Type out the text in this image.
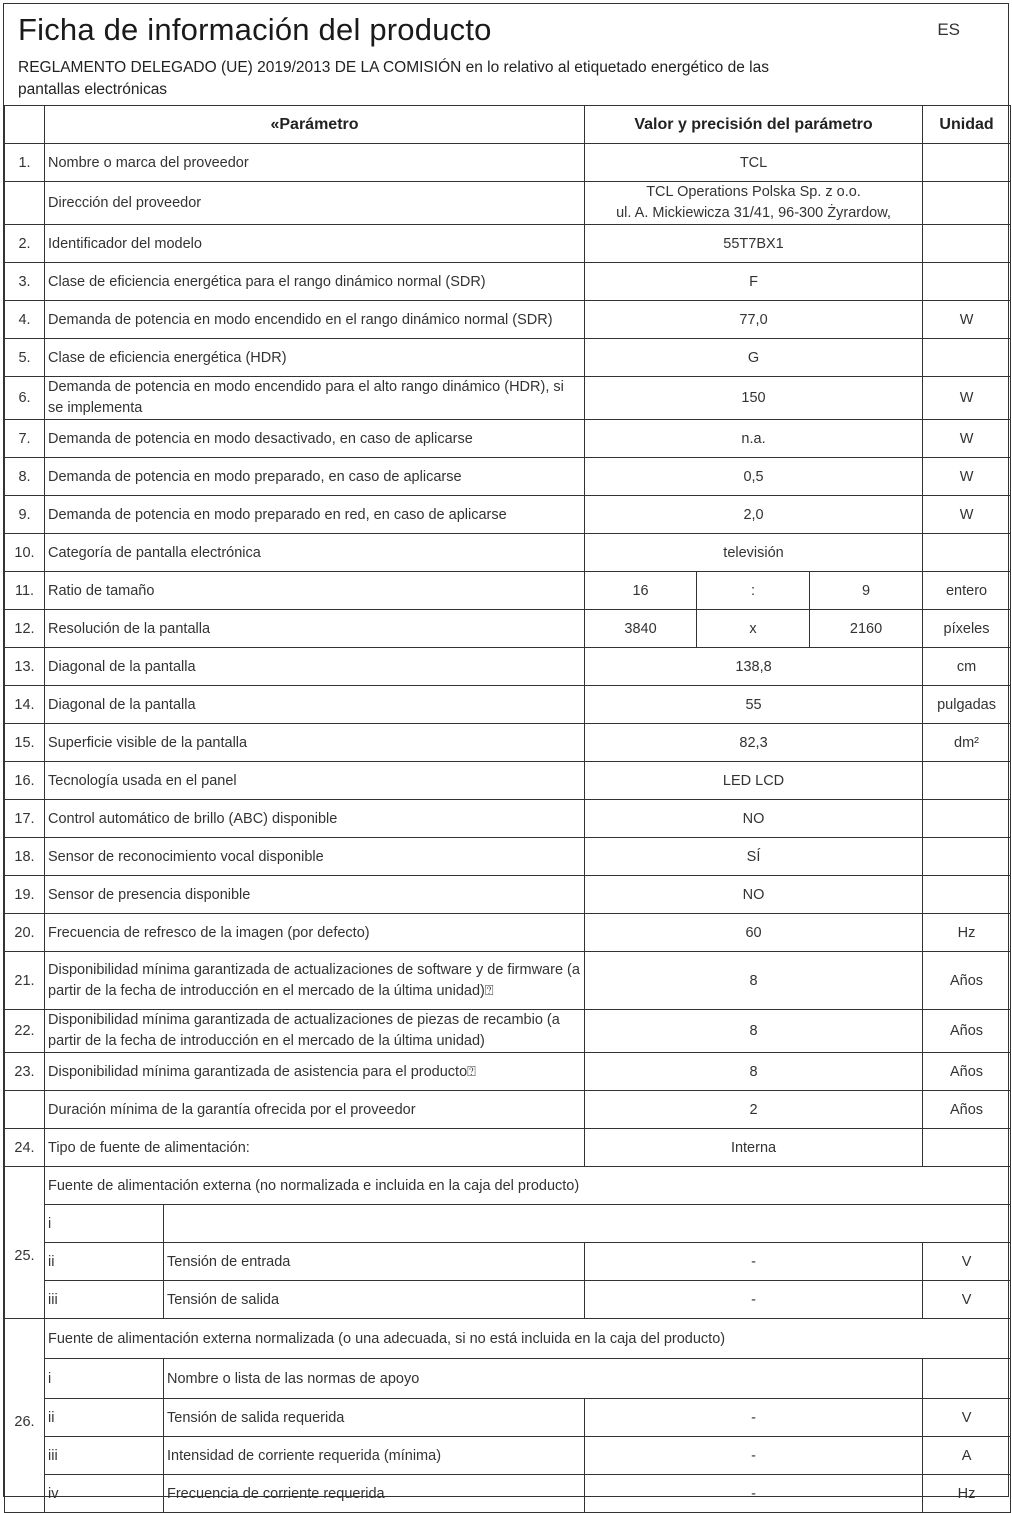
Ficha de información del producto	ES
REGLAMENTO DELEGADO (UE) 2019/2013 DE LA COMISIÓN en lo relativo al etiquetado energético de las pantallas electrónicas
	«Parámetro		Valor y precisión del parámetro			Unidad
1.	Nombre o marca del proveedor		TCL			
	Dirección del proveedor		TCL Operations Polska Sp. z o.o.
ul. A. Mickiewicza 31/41, 96-300 Żyrardow,			

2.	Identificador del modelo		55T7BX1			
3.	Clase de eficiencia energética para el rango dinámico normal (SDR)		F			
4.	Demanda de potencia en modo encendido en el rango dinámico normal (SDR)		77,0			W
5.	Clase de eficiencia energética (HDR)		G			
6.	Demanda de potencia en modo encendido para el alto rango dinámico (HDR), si se implementa		150			W
7.	Demanda de potencia en modo desactivado, en caso de aplicarse		n.a.			W
8.	Demanda de potencia en modo preparado, en caso de aplicarse		0,5			W
9.	Demanda de potencia en modo preparado en red, en caso de aplicarse		2,0			W
10.	Categoría de pantalla electrónica		televisión			
11.	Ratio de tamaño		16	:	9	entero
12.	Resolución de la pantalla		3840	x	2160	píxeles
13.	Diagonal de la pantalla		138,8			cm
14.	Diagonal de la pantalla		55			pulgadas
15.	Superficie visible de la pantalla		82,3			dm²
16.	Tecnología usada en el panel		LED LCD			
17.	Control automático de brillo (ABC) disponible		NO			
18.	Sensor de reconocimiento vocal disponible		SÍ			
19.	Sensor de presencia disponible		NO			
20.	Frecuencia de refresco de la imagen (por defecto)		60			Hz
21.	Disponibilidad mínima garantizada de actualizaciones de software y de firmware (a partir de la fecha de introducción en el mercado de la última unidad)⍰		8			Años
22.	Disponibilidad mínima garantizada de actualizaciones de piezas de recambio (a partir de la fecha de introducción en el mercado de la última unidad)		8			Años
23.	Disponibilidad mínima garantizada de asistencia para el producto⍰		8			Años
	Duración mínima de la garantía ofrecida por el proveedor		2			Años
24.	Tipo de fuente de alimentación:		Interna			
25.	Fuente de alimentación externa (no normalizada e incluida en la caja del producto)					
	i					
	ii	Tensión de entrada	-			V
	iii	Tensión de salida	-			V
26.	Fuente de alimentación externa normalizada (o una adecuada, si no está incluida en la caja del producto)					
	i	Nombre o lista de las normas de apoyo				
	ii	Tensión de salida requerida	-			V
	iii	Intensidad de corriente requerida (mínima)	-			A
	iv	Frecuencia de corriente requerida	-			Hz
